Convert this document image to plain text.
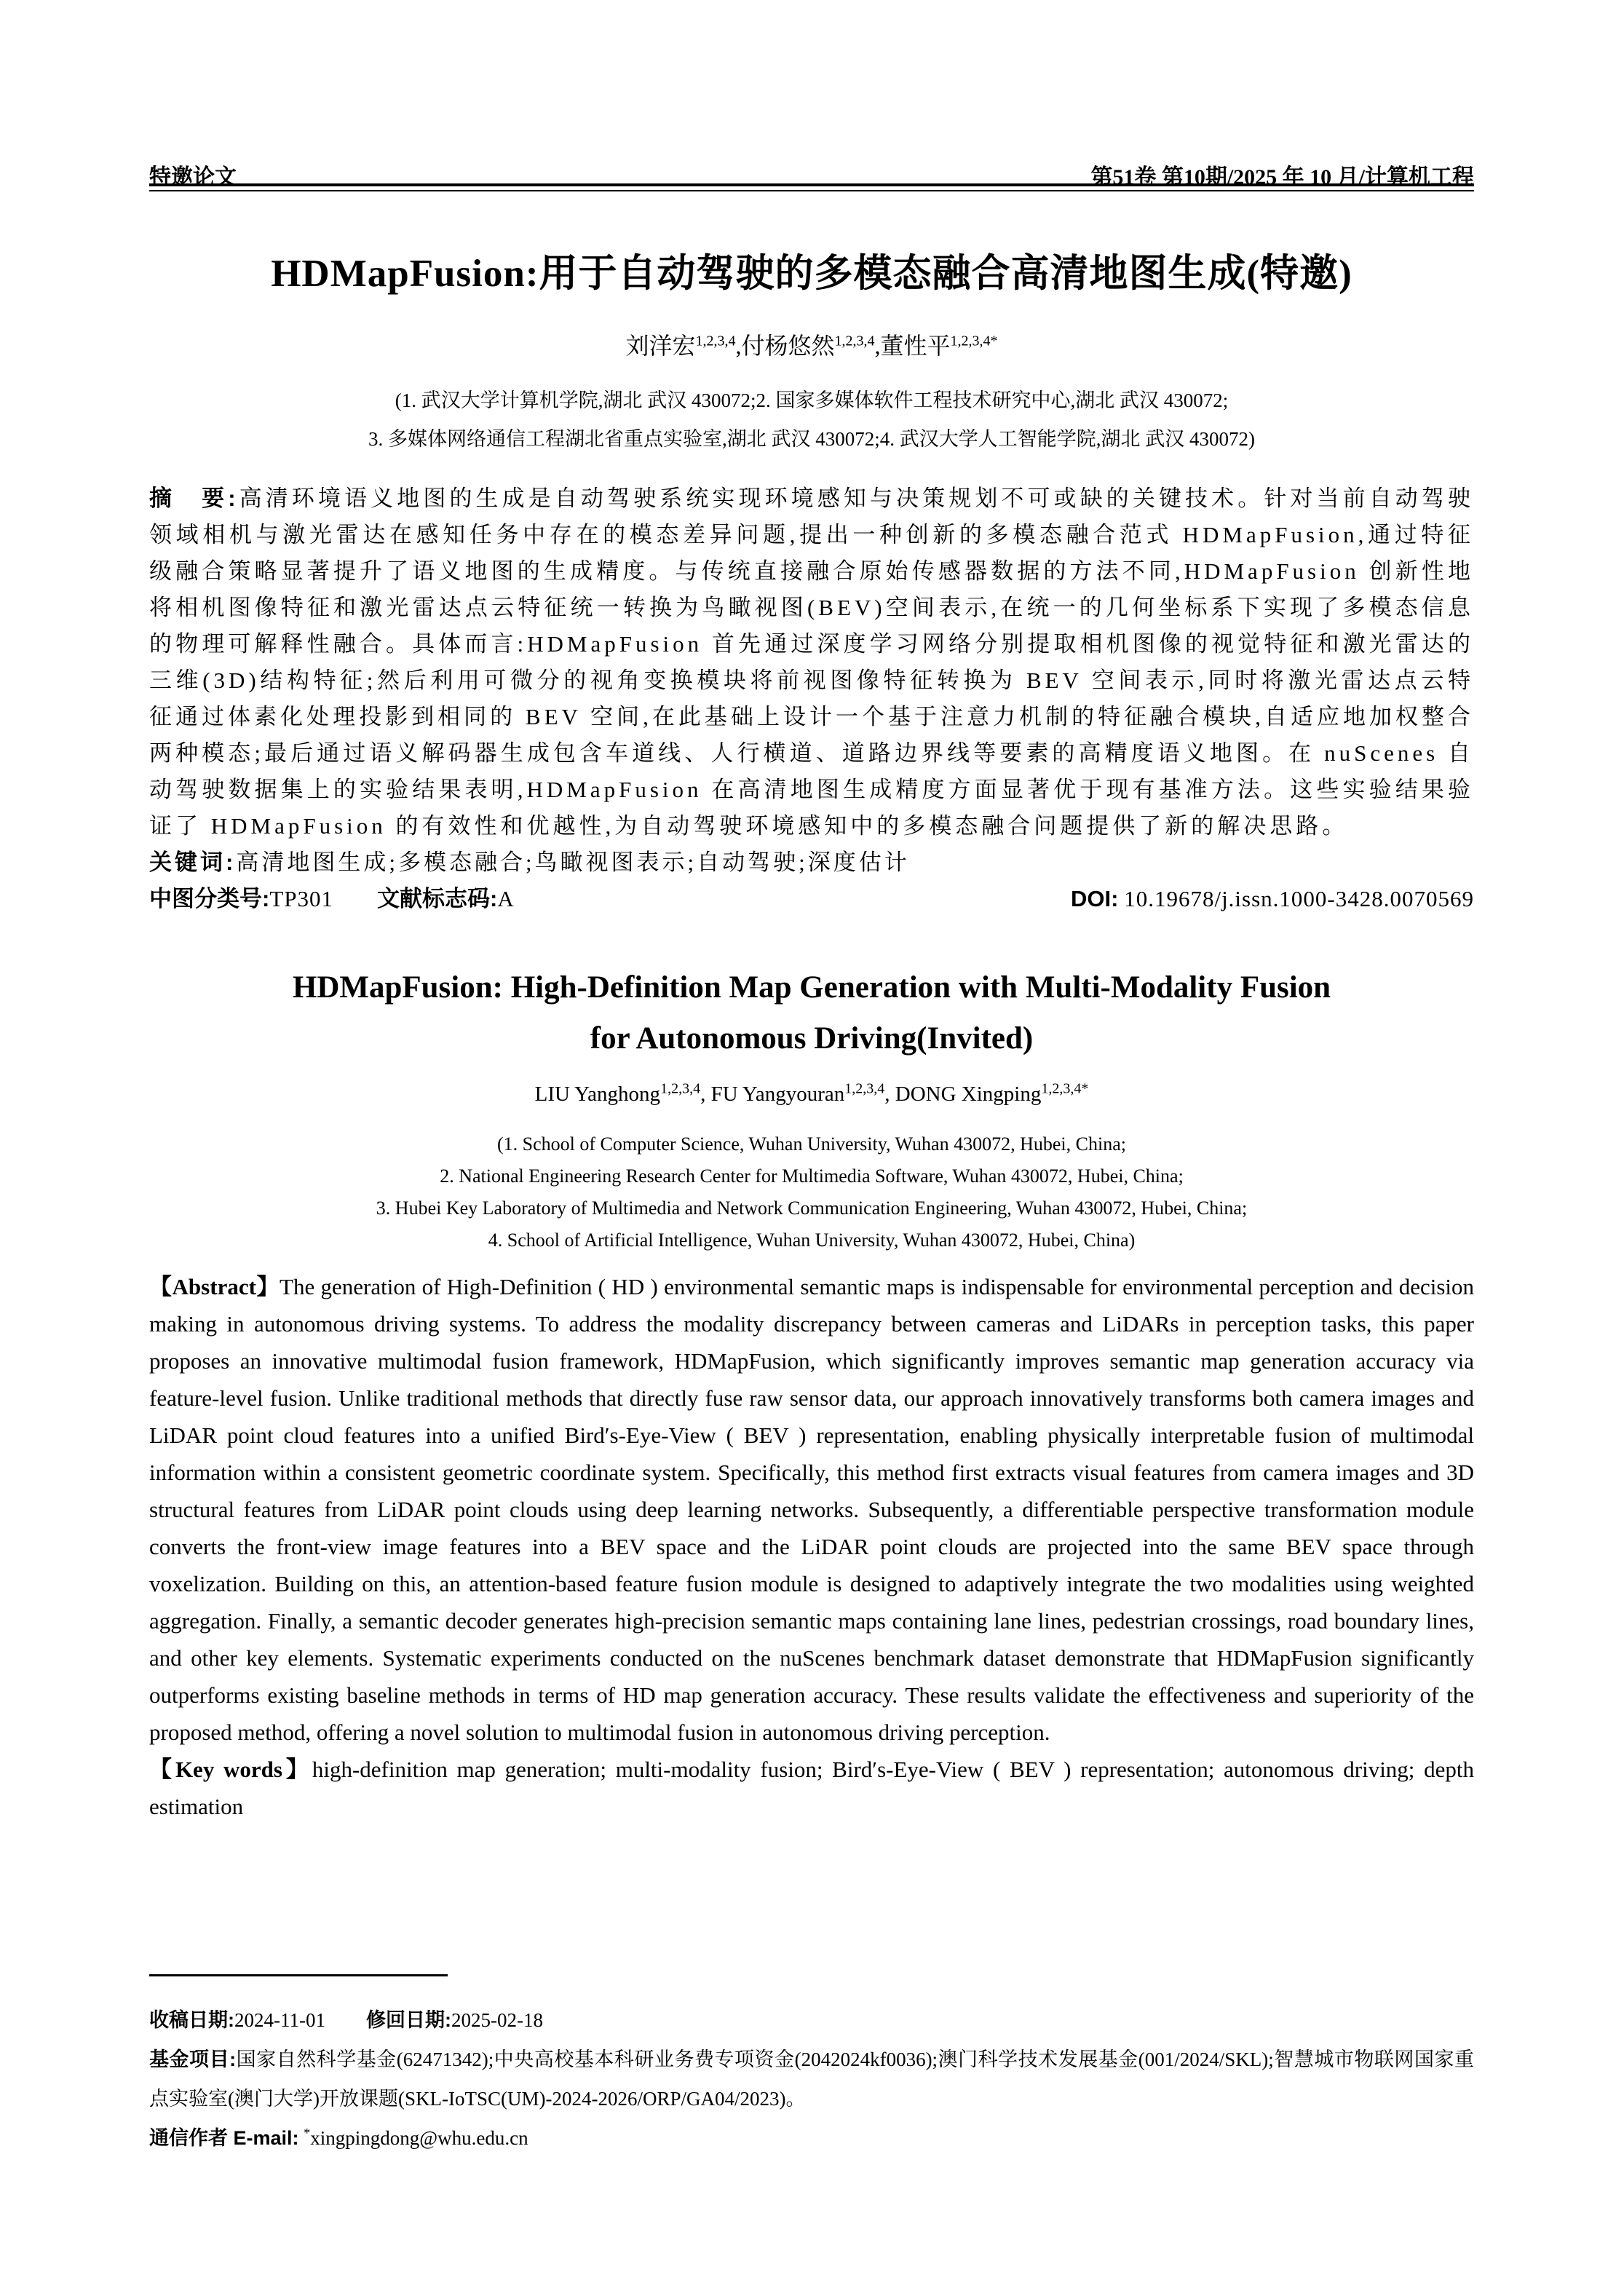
特邀论文	第51卷 第10期/2025 年 10 月/计算机工程
HDMapFusion:用于自动驾驶的多模态融合高清地图生成(特邀)

刘洋宏$^{1,2,3,4}$,付杨悠然$^{1,2,3,4}$,董性平$^{1,2,3,4*}$

(1. 武汉大学计算机学院,湖北 武汉 430072;2. 国家多媒体软件工程技术研究中心,湖北 武汉 430072;
3. 多媒体网络通信工程湖北省重点实验室,湖北 武汉 430072;4. 武汉大学人工智能学院,湖北 武汉 430072)

摘　要:高清环境语义地图的生成是自动驾驶系统实现环境感知与决策规划不可或缺的关键技术。针对当前自动驾驶领域相机与激光雷达在感知任务中存在的模态差异问题,提出一种创新的多模态融合范式 HDMapFusion,通过特征级融合策略显著提升了语义地图的生成精度。与传统直接融合原始传感器数据的方法不同,HDMapFusion 创新性地将相机图像特征和激光雷达点云特征统一转换为鸟瞰视图(BEV)空间表示,在统一的几何坐标系下实现了多模态信息的物理可解释性融合。具体而言:HDMapFusion 首先通过深度学习网络分别提取相机图像的视觉特征和激光雷达的三维(3D)结构特征;然后利用可微分的视角变换模块将前视图像特征转换为 BEV 空间表示,同时将激光雷达点云特征通过体素化处理投影到相同的 BEV 空间,在此基础上设计一个基于注意力机制的特征融合模块,自适应地加权整合两种模态;最后通过语义解码器生成包含车道线、人行横道、道路边界线等要素的高精度语义地图。在 nuScenes 自动驾驶数据集上的实验结果表明,HDMapFusion 在高清地图生成精度方面显著优于现有基准方法。这些实验结果验证了 HDMapFusion 的有效性和优越性,为自动驾驶环境感知中的多模态融合问题提供了新的解决思路。

关键词:高清地图生成;多模态融合;鸟瞰视图表示;自动驾驶;深度估计

中图分类号:TP301 文献标志码:A	DOI: 10.19678/j.issn.1000-3428.0070569
HDMapFusion: High-Definition Map Generation with Multi-Modality Fusion
for Autonomous Driving(Invited)

LIU Yanghong$^{1,2,3,4}$, FU Yangyouran$^{1,2,3,4}$, DONG Xingping$^{1,2,3,4*}$

(1. School of Computer Science, Wuhan University, Wuhan 430072, Hubei, China;
2. National Engineering Research Center for Multimedia Software, Wuhan 430072, Hubei, China;
3. Hubei Key Laboratory of Multimedia and Network Communication Engineering, Wuhan 430072, Hubei, China;
4. School of Artificial Intelligence, Wuhan University, Wuhan 430072, Hubei, China)

【Abstract】The generation of High-Definition ( HD ) environmental semantic maps is indispensable for environmental perception and decision making in autonomous driving systems. To address the modality discrepancy between cameras and LiDARs in perception tasks, this paper proposes an innovative multimodal fusion framework, HDMapFusion, which significantly improves semantic map generation accuracy via feature-level fusion. Unlike traditional methods that directly fuse raw sensor data, our approach innovatively transforms both camera images and LiDAR point cloud features into a unified Bird′s-Eye-View ( BEV ) representation, enabling physically interpretable fusion of multimodal information within a consistent geometric coordinate system. Specifically, this method first extracts visual features from camera images and 3D structural features from LiDAR point clouds using deep learning networks. Subsequently, a differentiable perspective transformation module converts the front-view image features into a BEV space and the LiDAR point clouds are projected into the same BEV space through voxelization. Building on this, an attention-based feature fusion module is designed to adaptively integrate the two modalities using weighted aggregation. Finally, a semantic decoder generates high-precision semantic maps containing lane lines, pedestrian crossings, road boundary lines, and other key elements. Systematic experiments conducted on the nuScenes benchmark dataset demonstrate that HDMapFusion significantly outperforms existing baseline methods in terms of HD map generation accuracy. These results validate the effectiveness and superiority of the proposed method, offering a novel solution to multimodal fusion in autonomous driving perception.

【Key words】high-definition map generation; multi-modality fusion; Bird′s-Eye-View ( BEV ) representation; autonomous driving; depth estimation

收稿日期:2024-11-01 修回日期:2025-02-18

基金项目:国家自然科学基金(62471342);中央高校基本科研业务费专项资金(2042024kf0036);澳门科学技术发展基金(001/2024/SKL);智慧城市物联网国家重点实验室(澳门大学)开放课题(SKL-IoTSC(UM)-2024-2026/ORP/GA04/2023)。

通信作者 E-mail: *xingpingdong@whu.edu.cn
